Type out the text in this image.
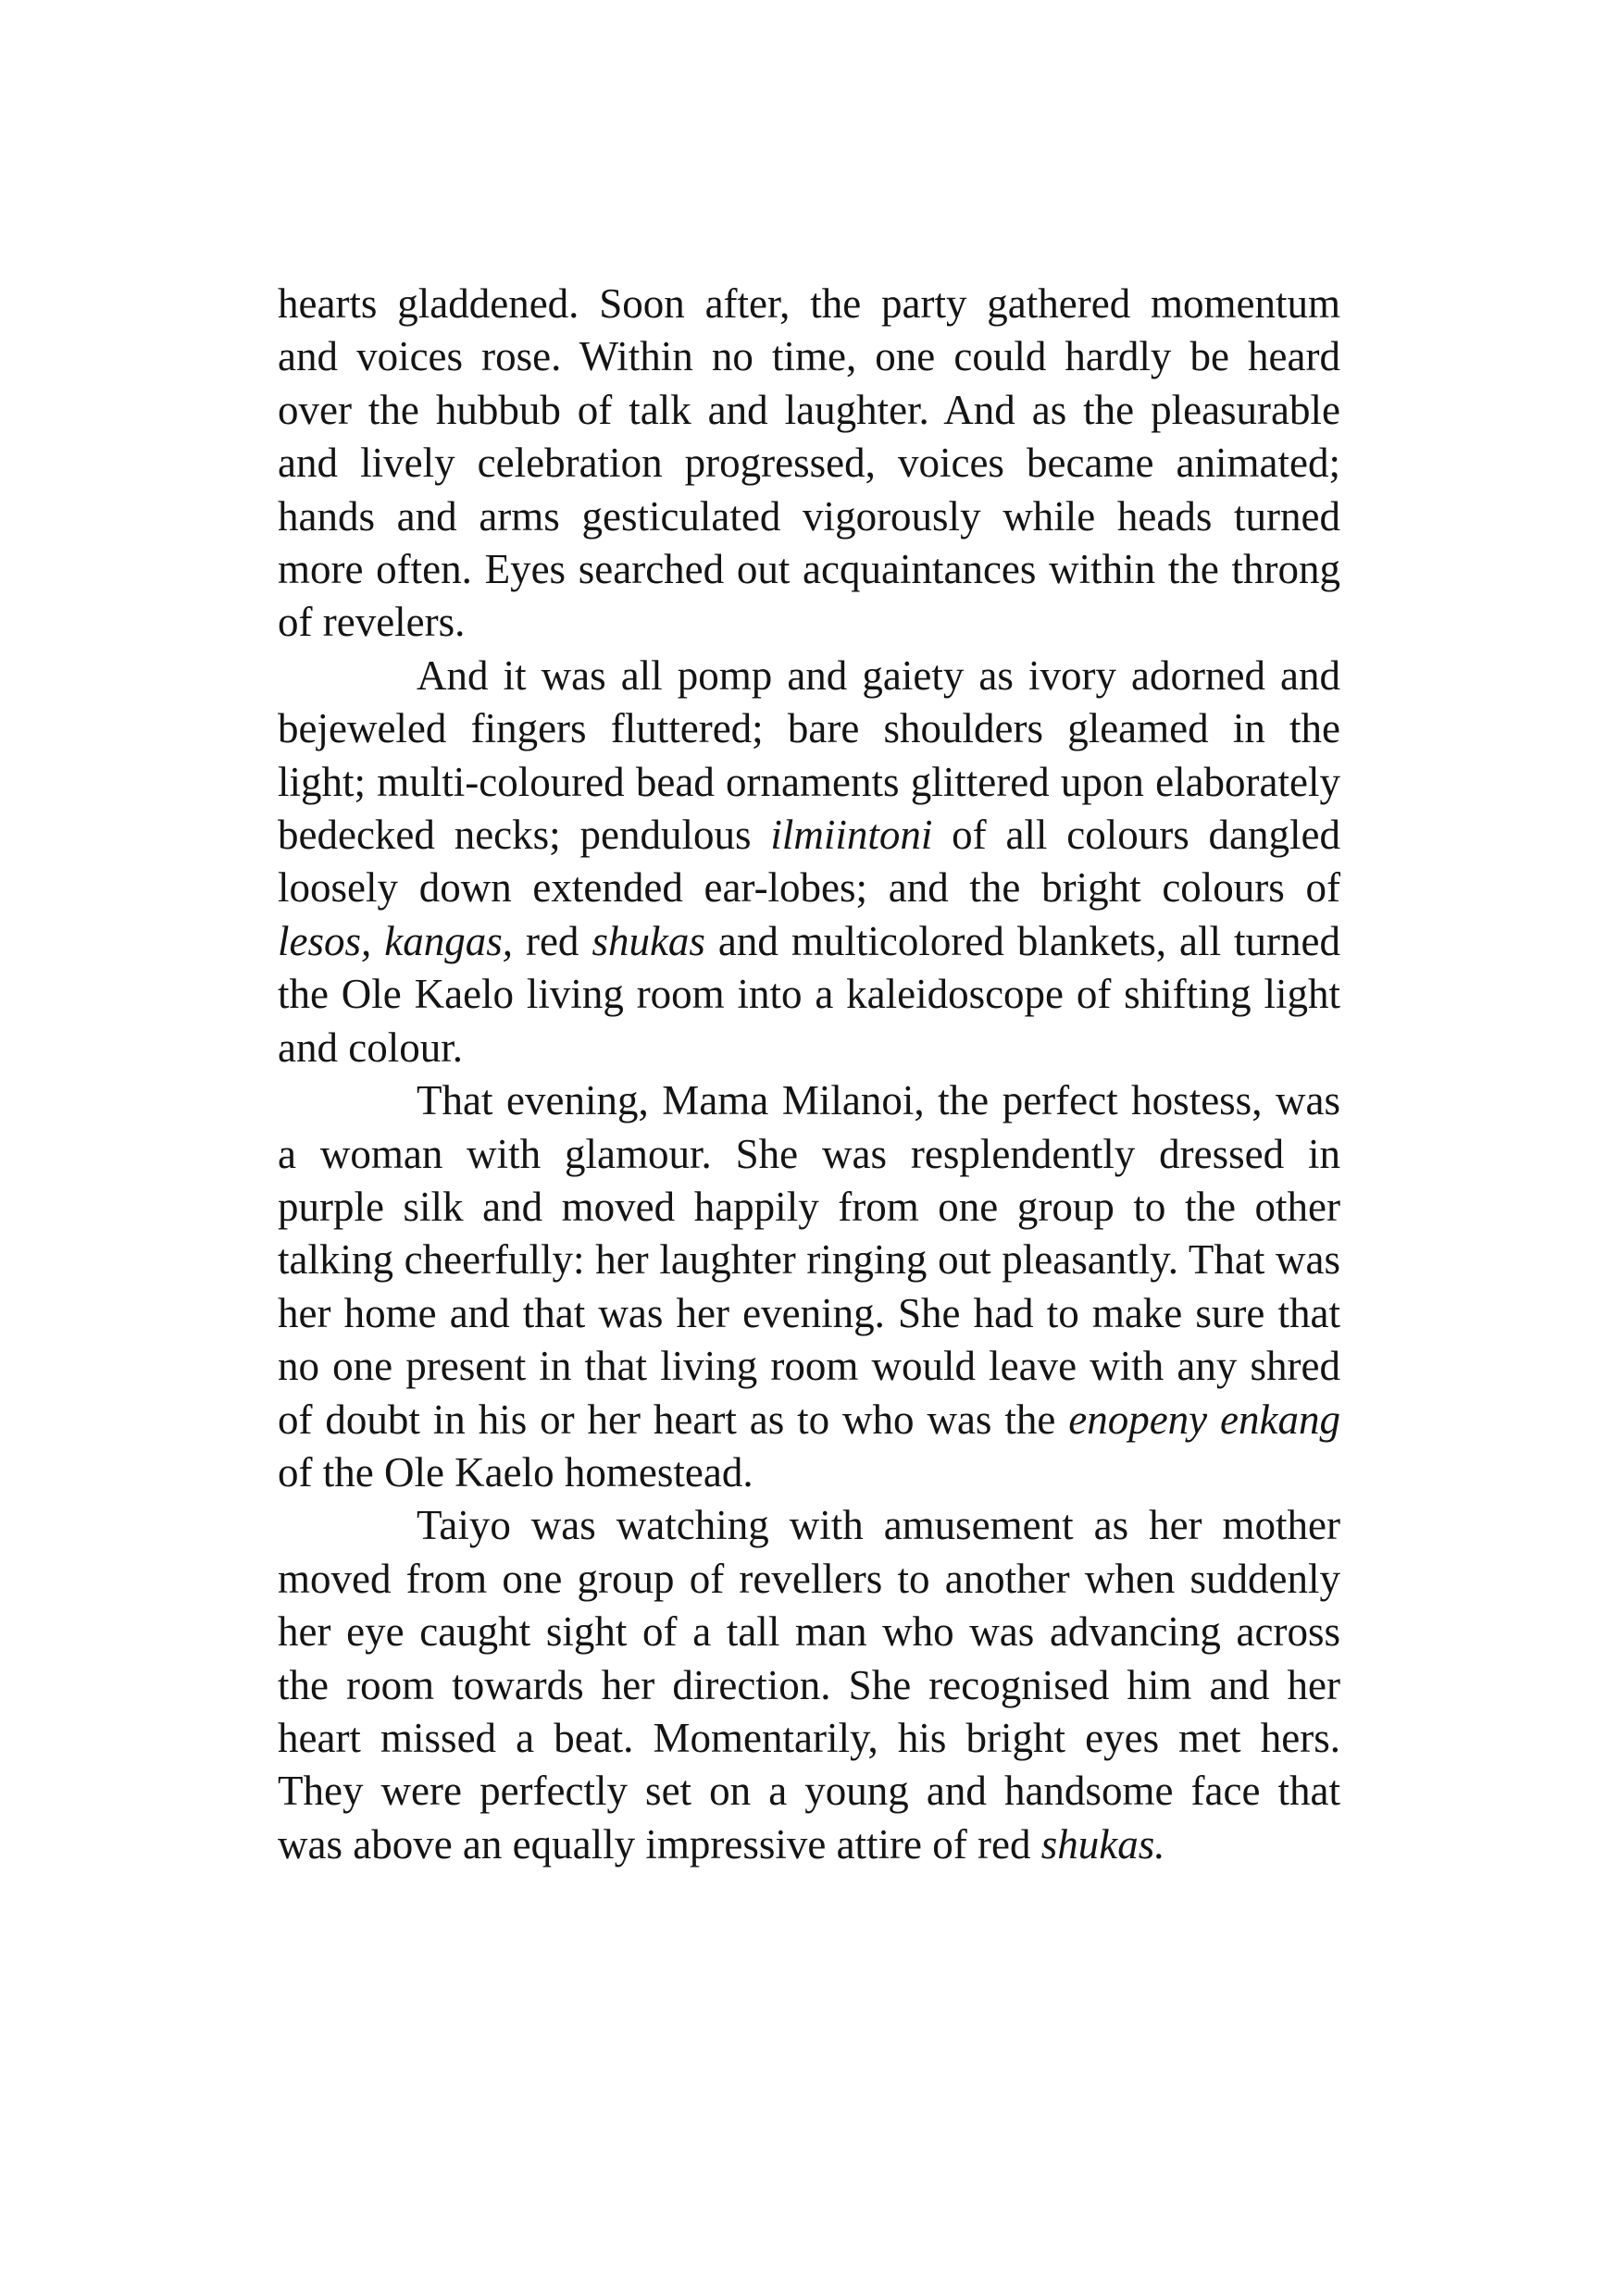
hearts gladdened. Soon after, the party gathered momentum and voices rose. Within no time, one could hardly be heard over the hubbub of talk and laughter. And as the pleasurable and lively celebration progressed, voices became animated; hands and arms gesticulated vigorously while heads turned more often. Eyes searched out acquaintances within the throng of revelers.

And it was all pomp and gaiety as ivory adorned and bejeweled fingers fluttered; bare shoulders gleamed in the light; multi-coloured bead ornaments glittered upon elaborately bedecked necks; pendulous ilmiintoni of all colours dangled loosely down extended ear-lobes; and the bright colours of lesos, kangas, red shukas and multicolored blankets, all turned the Ole Kaelo living room into a kaleidoscope of shifting light and colour.

That evening, Mama Milanoi, the perfect hostess, was a woman with glamour. She was resplendently dressed in purple silk and moved happily from one group to the other talking cheerfully: her laughter ringing out pleasantly. That was her home and that was her evening. She had to make sure that no one present in that living room would leave with any shred of doubt in his or her heart as to who was the enopeny enkang of the Ole Kaelo homestead.

Taiyo was watching with amusement as her mother moved from one group of revellers to another when suddenly her eye caught sight of a tall man who was advancing across the room towards her direction. She recognised him and her heart missed a beat. Momentarily, his bright eyes met hers. They were perfectly set on a young and handsome face that was above an equally impressive attire of red shukas.
